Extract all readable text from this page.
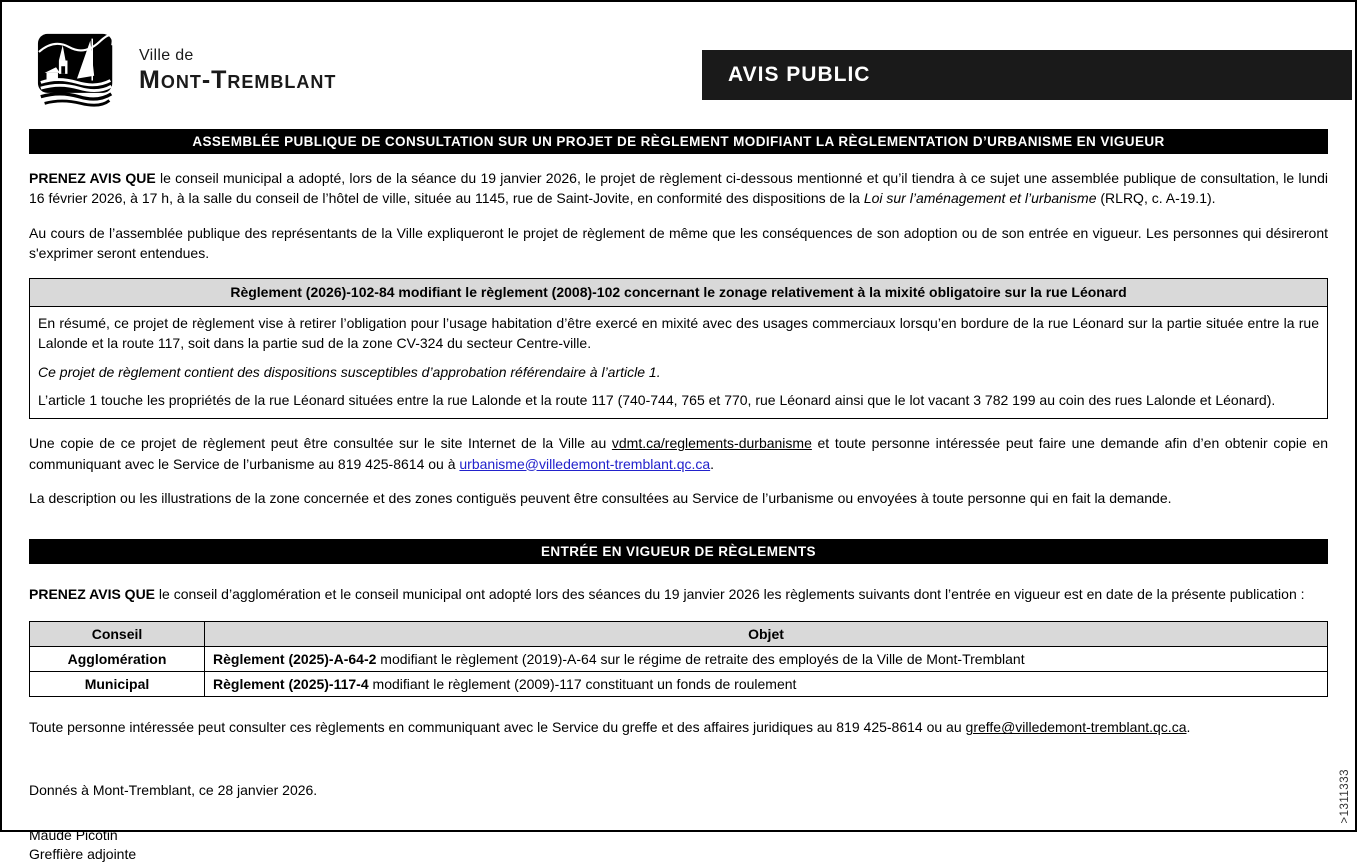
Ville de
Mont-Tremblant	AVIS PUBLIC
ASSEMBLÉE PUBLIQUE DE CONSULTATION SUR UN PROJET DE RÈGLEMENT MODIFIANT LA RÈGLEMENTATION D’URBANISME EN VIGUEUR

PRENEZ AVIS QUE le conseil municipal a adopté, lors de la séance du 19 janvier 2026, le projet de règlement ci-dessous mentionné et qu’il tiendra à ce sujet une assemblée publique de consultation, le lundi 16 février 2026, à 17 h, à la salle du conseil de l’hôtel de ville, située au 1145, rue de Saint-Jovite, en conformité des dispositions de la Loi sur l’aménagement et l’urbanisme (RLRQ, c. A-19.1).

Au cours de l’assemblée publique des représentants de la Ville expliqueront le projet de règlement de même que les conséquences de son adoption ou de son entrée en vigueur. Les personnes qui désireront s'exprimer seront entendues.

Règlement (2026)-102-84 modifiant le règlement (2008)-102 concernant le zonage relativement à la mixité obligatoire sur la rue Léonard

En résumé, ce projet de règlement vise à retirer l’obligation pour l’usage habitation d’être exercé en mixité avec des usages commerciaux lorsqu’en bordure de la rue Léonard sur la partie située entre la rue Lalonde et la route 117, soit dans la partie sud de la zone CV-324 du secteur Centre-ville.

Ce projet de règlement contient des dispositions susceptibles d’approbation référendaire à l’article 1.

L’article 1 touche les propriétés de la rue Léonard situées entre la rue Lalonde et la route 117 (740-744, 765 et 770, rue Léonard ainsi que le lot vacant 3 782 199 au coin des rues Lalonde et Léonard).

Une copie de ce projet de règlement peut être consultée sur le site Internet de la Ville au vdmt.ca/reglements-durbanisme et toute personne intéressée peut faire une demande afin d’en obtenir copie en communiquant avec le Service de l’urbanisme au 819 425-8614 ou à urbanisme@villedemont-tremblant.qc.ca.

La description ou les illustrations de la zone concernée et des zones contiguës peuvent être consultées au Service de l’urbanisme ou envoyées à toute personne qui en fait la demande.

ENTRÉE EN VIGUEUR DE RÈGLEMENTS

PRENEZ AVIS QUE le conseil d’agglomération et le conseil municipal ont adopté lors des séances du 19 janvier 2026 les règlements suivants dont l’entrée en vigueur est en date de la présente publication :

Conseil	Objet
Agglomération	Règlement (2025)-A-64-2 modifiant le règlement (2019)-A-64 sur le régime de retraite des employés de la Ville de Mont-Tremblant
Municipal	Règlement (2025)-117-4 modifiant le règlement (2009)-117 constituant un fonds de roulement

Toute personne intéressée peut consulter ces règlements en communiquant avec le Service du greffe et des affaires juridiques au 819 425-8614 ou au greffe@villedemont-tremblant.qc.ca.

Donnés à Mont-Tremblant, ce 28 janvier 2026.

Maude Picotin
Greffière adjointe
>1311333
